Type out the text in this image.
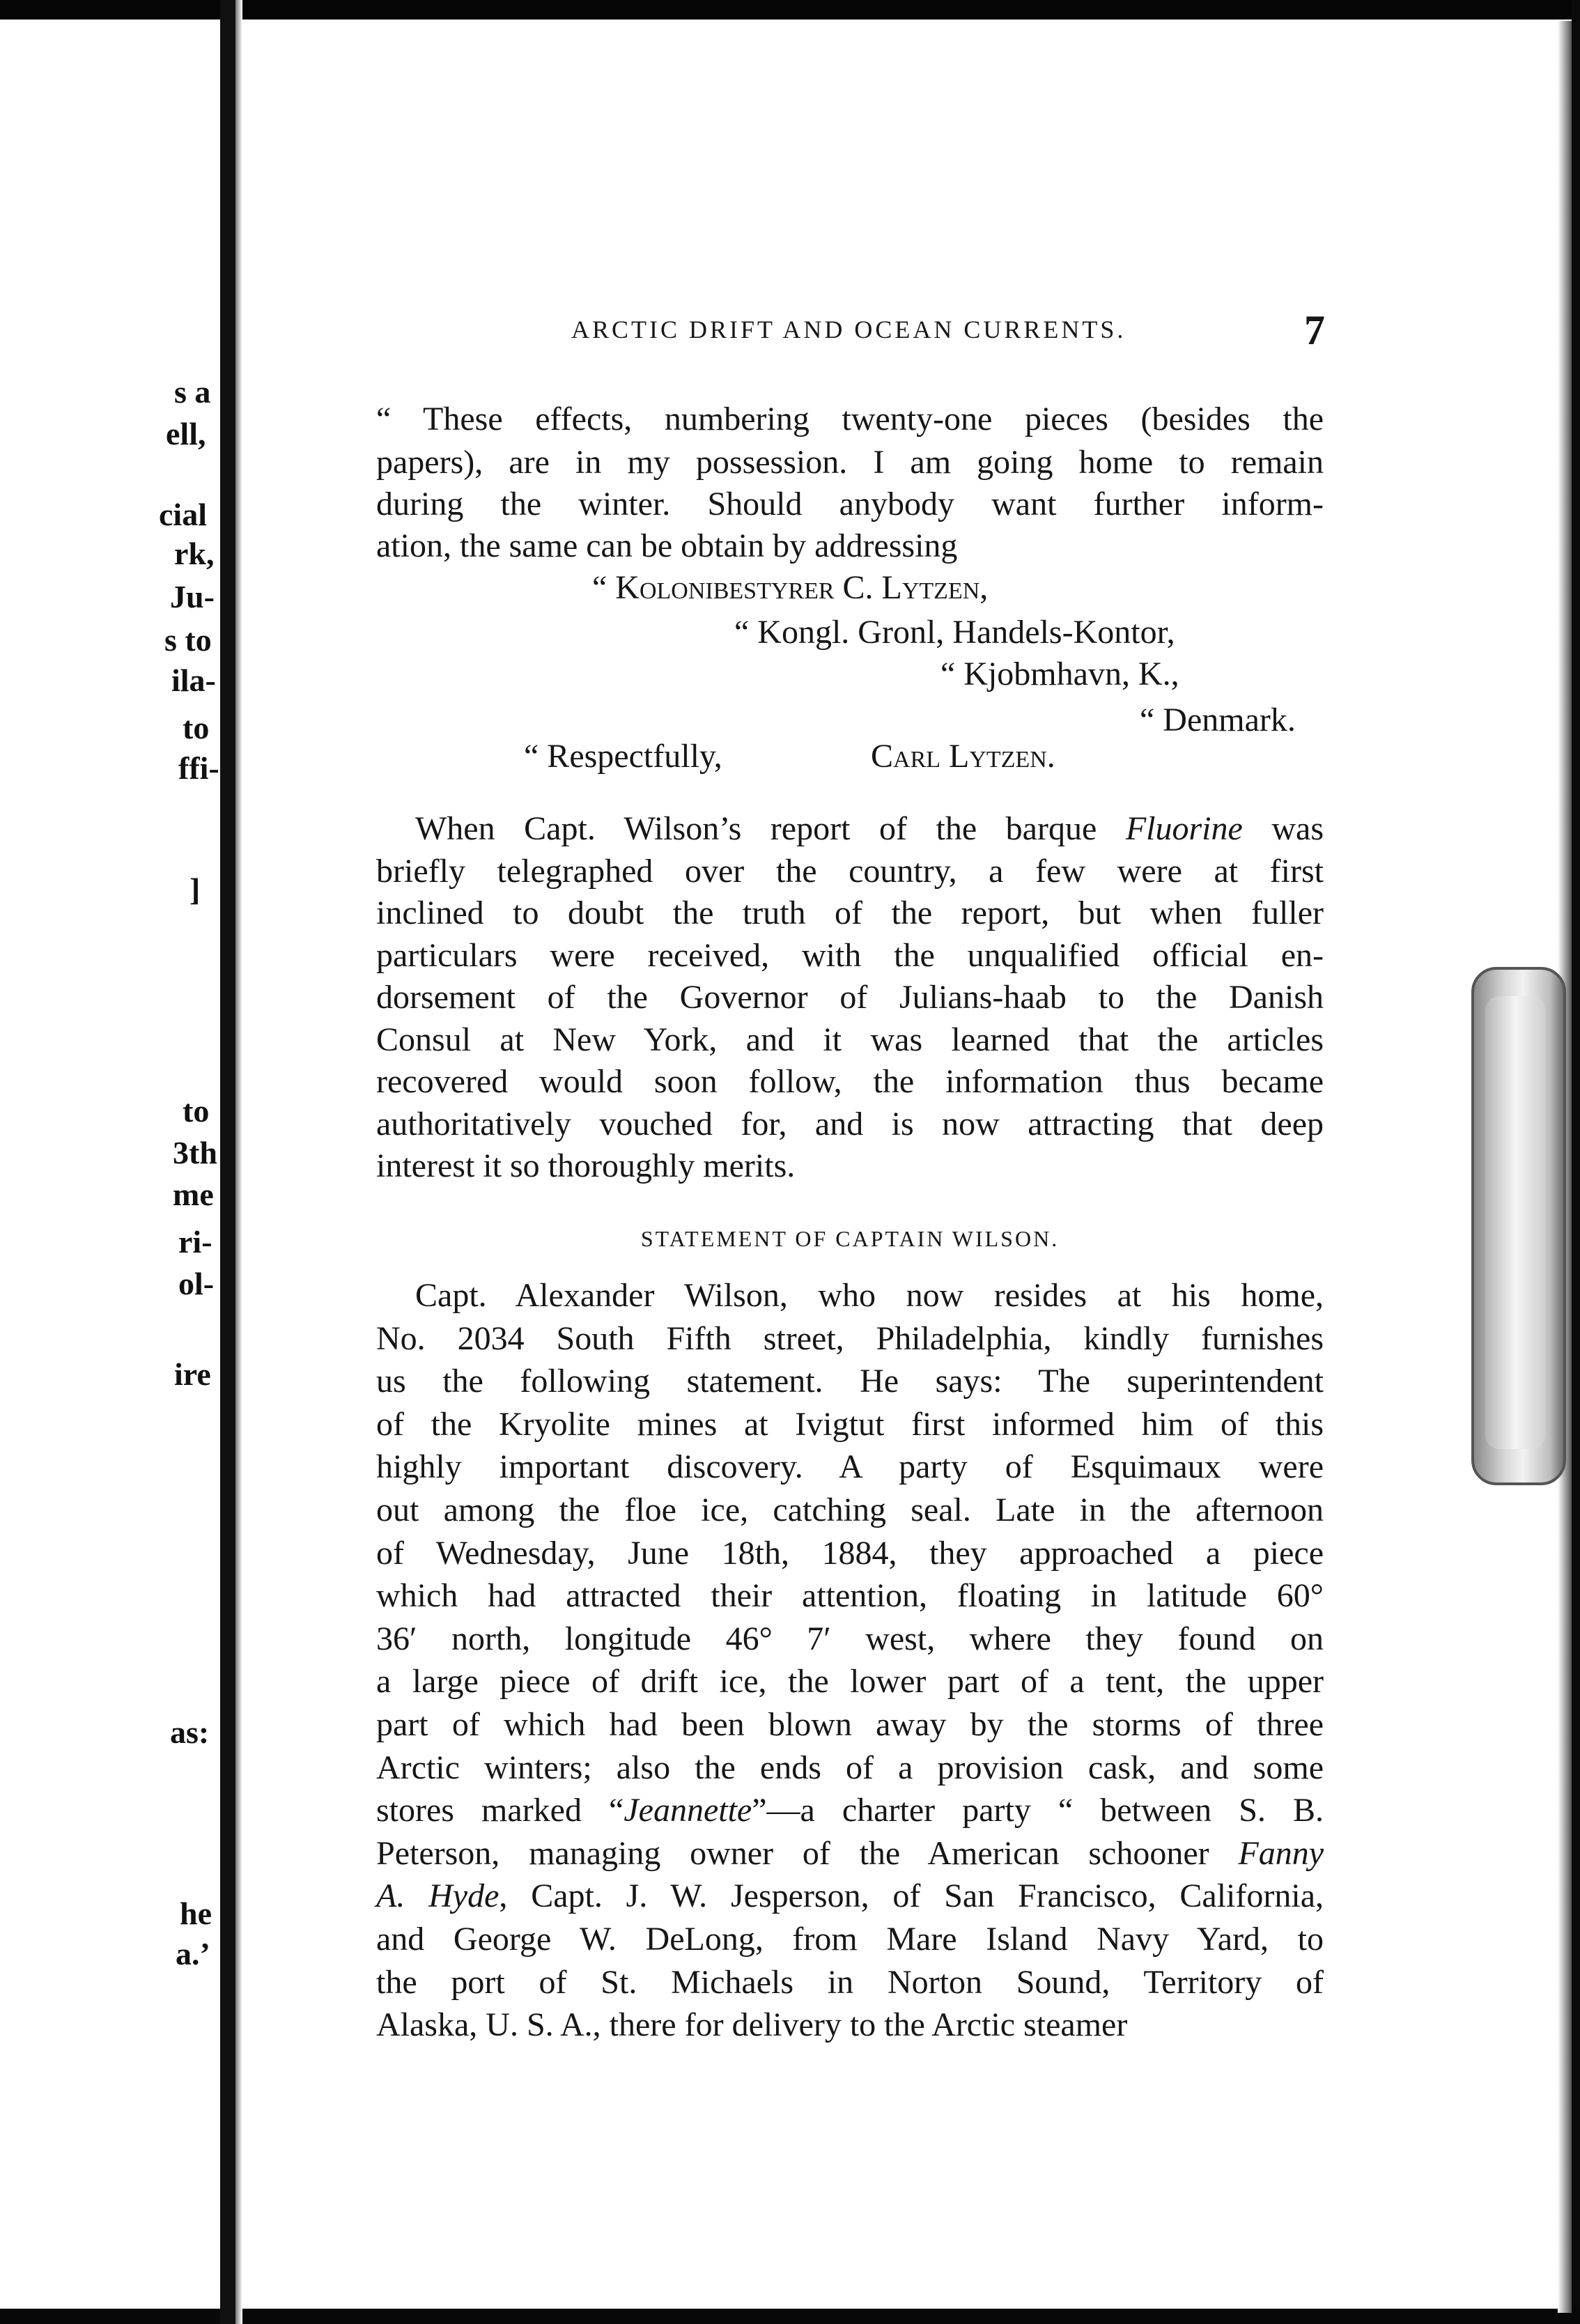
s a
ell,
cial
rk,
Ju-
s to
ila-
to
ffi-
]
to
3th
me
ri-
ol-
ire
as:
he
a.’
ARCTIC DRIFT AND OCEAN CURRENTS.	7
“ These effects, numbering twenty-one pieces (besides the
papers), are in my possession. I am going home to remain
during the winter. Should anybody want further inform-
ation, the same can be obtain by addressing
“ Kolonibestyrer C. Lytzen,
“ Kongl. Gronl, Handels-Kontor,
“ Kjobmhavn, K.,
“ Denmark.
“ Respectfully,	Carl Lytzen.
When Capt. Wilson’s report of the barque Fluorine was
briefly telegraphed over the country, a few were at first
inclined to doubt the truth of the report, but when fuller
particulars were received, with the unqualified official en-
dorsement of the Governor of Julians-haab to the Danish
Consul at New York, and it was learned that the articles
recovered would soon follow, the information thus became
authoritatively vouched for, and is now attracting that deep
interest it so thoroughly merits.
STATEMENT OF CAPTAIN WILSON.
Capt. Alexander Wilson, who now resides at his home,
No. 2034 South Fifth street, Philadelphia, kindly furnishes
us the following statement. He says: The superintendent
of the Kryolite mines at Ivigtut first informed him of this
highly important discovery. A party of Esquimaux were
out among the floe ice, catching seal. Late in the afternoon
of Wednesday, June 18th, 1884, they approached a piece
which had attracted their attention, floating in latitude 60°
36′ north, longitude 46° 7′ west, where they found on
a large piece of drift ice, the lower part of a tent, the upper
part of which had been blown away by the storms of three
Arctic winters; also the ends of a provision cask, and some
stores marked “Jeannette”—a charter party “ between S. B.
Peterson, managing owner of the American schooner Fanny
A. Hyde, Capt. J. W. Jesperson, of San Francisco, California,
and George W. DeLong, from Mare Island Navy Yard, to
the port of St. Michaels in Norton Sound, Territory of
Alaska, U. S. A., there for delivery to the Arctic steamer
